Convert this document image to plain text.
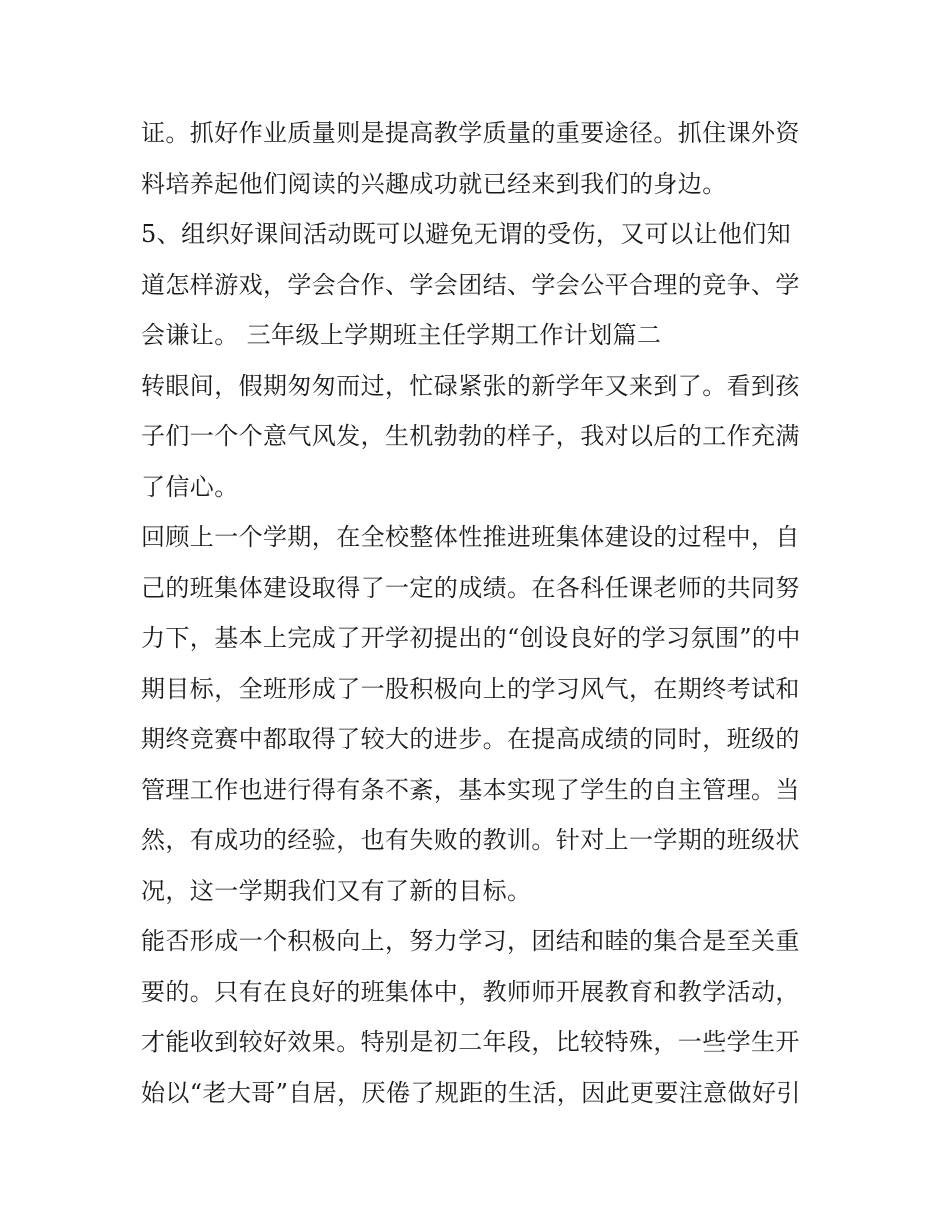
证。抓好作业质量则是提高教学质量的重要途径。抓住课外资
料培养起他们阅读的兴趣成功就已经来到我们的身边。
5、组织好课间活动既可以避免无谓的受伤，又可以让他们知
道怎样游戏，学会合作、学会团结、学会公平合理的竞争、学
会谦让。 三年级上学期班主任学期工作计划篇二
转眼间，假期匆匆而过，忙碌紧张的新学年又来到了。看到孩
子们一个个意气风发，生机勃勃的样子，我对以后的工作充满
了信心。
回顾上一个学期，在全校整体性推进班集体建设的过程中，自
己的班集体建设取得了一定的成绩。在各科任课老师的共同努
力下，基本上完成了开学初提出的“创设良好的学习氛围”的中
期目标，全班形成了一股积极向上的学习风气，在期终考试和
期终竞赛中都取得了较大的进步。在提高成绩的同时，班级的
管理工作也进行得有条不紊，基本实现了学生的自主管理。当
然，有成功的经验，也有失败的教训。针对上一学期的班级状
况，这一学期我们又有了新的目标。
能否形成一个积极向上，努力学习，团结和睦的集合是至关重
要的。只有在良好的班集体中，教师师开展教育和教学活动，
才能收到较好效果。特别是初二年段，比较特殊，一些学生开
始以“老大哥”自居，厌倦了规距的生活，因此更要注意做好引
